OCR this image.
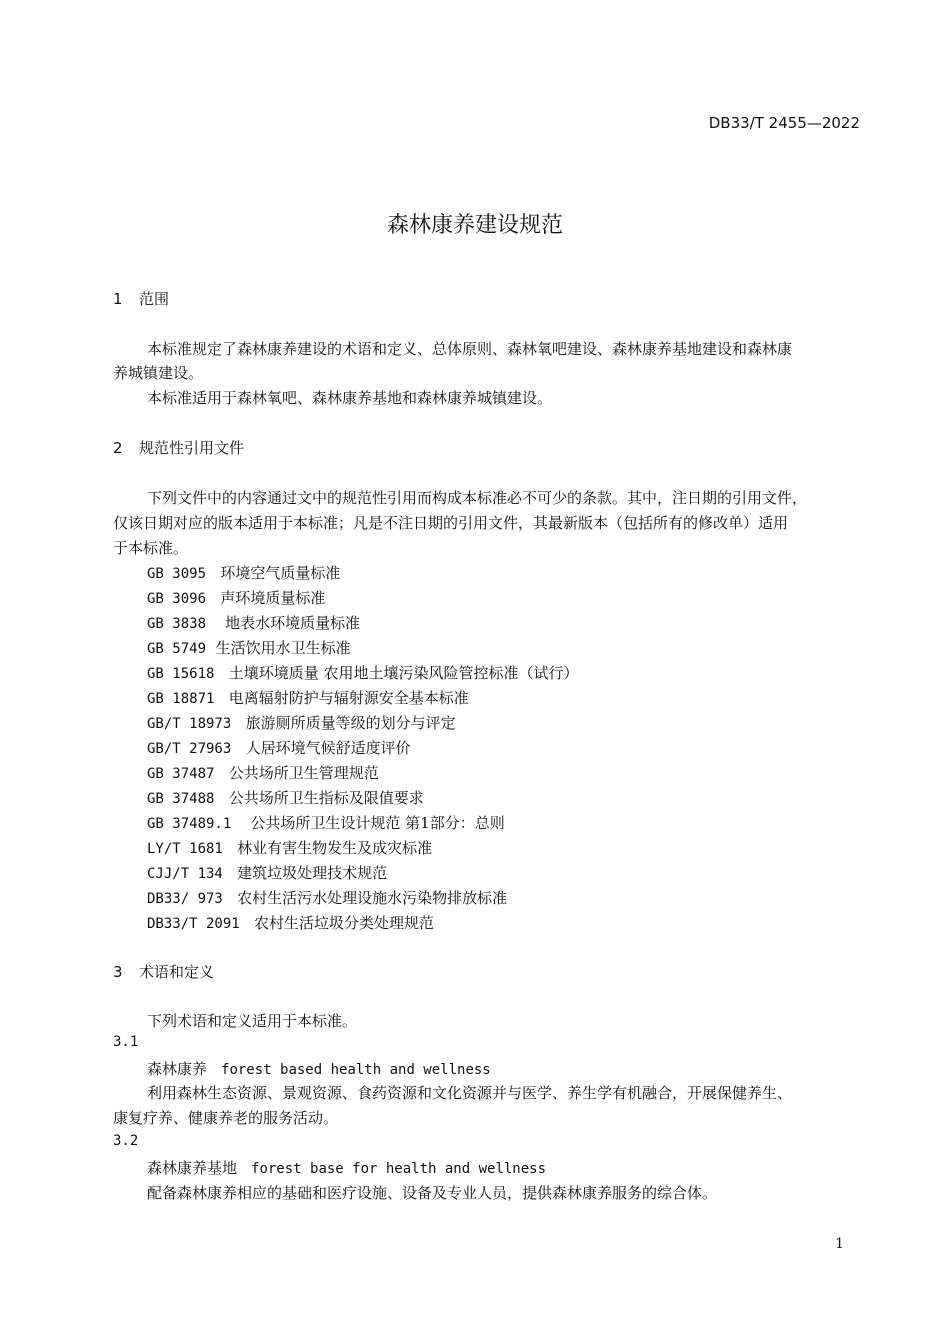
DB33/T 2455—2022
森林康养建设规范
1 范围
本标准规定了森林康养建设的术语和定义、总体原则、森林氧吧建设、森林康养基地建设和森林康
养城镇建设。
本标准适用于森林氧吧、森林康养基地和森林康养城镇建设。
2 规范性引用文件
下列文件中的内容通过文中的规范性引用而构成本标准必不可少的条款。其中，注日期的引用文件，
仅该日期对应的版本适用于本标准；凡是不注日期的引用文件，其最新版本（包括所有的修改单）适用
于本标准。
GB 3095 环境空气质量标准
GB 3096 声环境质量标准
GB 3838 地表水环境质量标准
GB 5749 生活饮用水卫生标准
GB 15618 土壤环境质量 农用地土壤污染风险管控标准（试行）
GB 18871 电离辐射防护与辐射源安全基本标准
GB/T 18973 旅游厕所质量等级的划分与评定
GB/T 27963 人居环境气候舒适度评价
GB 37487 公共场所卫生管理规范
GB 37488 公共场所卫生指标及限值要求
GB 37489.1 公共场所卫生设计规范 第1部分：总则
LY/T 1681 林业有害生物发生及成灾标准
CJJ/T 134 建筑垃圾处理技术规范
DB33/ 973 农村生活污水处理设施水污染物排放标准
DB33/T 2091 农村生活垃圾分类处理规范
3 术语和定义
下列术语和定义适用于本标准。
3.1
森林康养 forest based health and wellness
利用森林生态资源、景观资源、食药资源和文化资源并与医学、养生学有机融合，开展保健养生、
康复疗养、健康养老的服务活动。
3.2
森林康养基地 forest base for health and wellness
配备森林康养相应的基础和医疗设施、设备及专业人员，提供森林康养服务的综合体。
1
